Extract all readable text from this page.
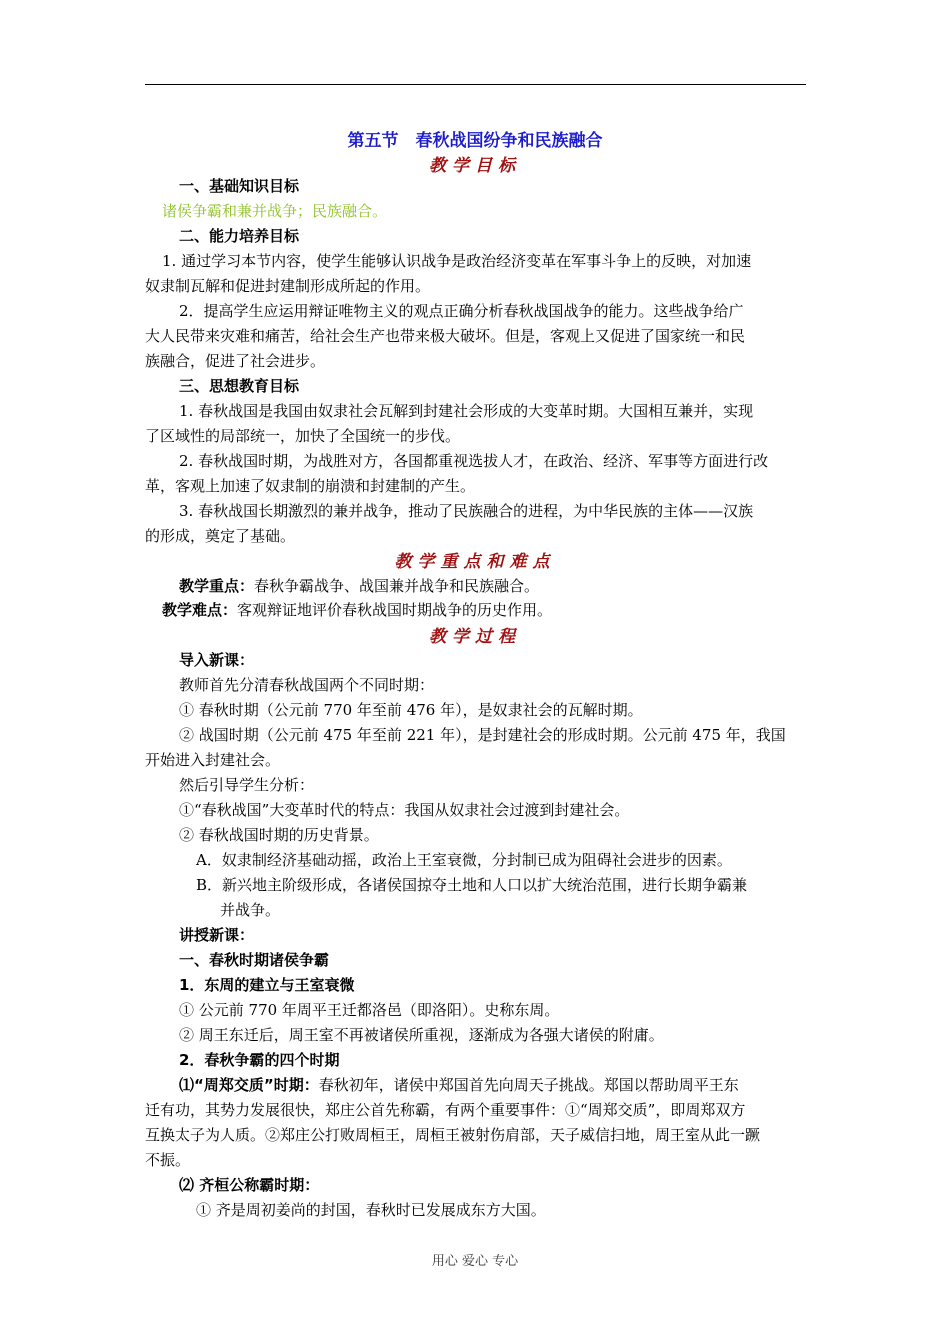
第五节　春秋战国纷争和民族融合
教学目标
一、基础知识目标
诸侯争霸和兼并战争；民族融合。
二、能力培养目标
1. 通过学习本节内容，使学生能够认识战争是政治经济变革在军事斗争上的反映，对加速
奴隶制瓦解和促进封建制形成所起的作用。
2．提高学生应运用辩证唯物主义的观点正确分析春秋战国战争的能力。这些战争给广
大人民带来灾难和痛苦，给社会生产也带来极大破坏。但是，客观上又促进了国家统一和民
族融合，促进了社会进步。
三、思想教育目标
1. 春秋战国是我国由奴隶社会瓦解到封建社会形成的大变革时期。大国相互兼并，实现
了区域性的局部统一，加快了全国统一的步伐。
2. 春秋战国时期，为战胜对方，各国都重视选拔人才，在政治、经济、军事等方面进行改
革，客观上加速了奴隶制的崩溃和封建制的产生。
3. 春秋战国长期激烈的兼并战争，推动了民族融合的进程，为中华民族的主体——汉族
的形成，奠定了基础。
教学重点和难点
教学重点：春秋争霸战争、战国兼并战争和民族融合。
教学难点：客观辩证地评价春秋战国时期战争的历史作用。
教学过程
导入新课：
教师首先分清春秋战国两个不同时期：
① 春秋时期（公元前 770 年至前 476 年），是奴隶社会的瓦解时期。
② 战国时期（公元前 475 年至前 221 年），是封建社会的形成时期。公元前 475 年，我国
开始进入封建社会。
然后引导学生分析：
①“春秋战国”大变革时代的特点：我国从奴隶社会过渡到封建社会。
② 春秋战国时期的历史背景。
A．奴隶制经济基础动摇，政治上王室衰微，分封制已成为阻碍社会进步的因素。
B．新兴地主阶级形成，各诸侯国掠夺土地和人口以扩大统治范围，进行长期争霸兼
并战争。
讲授新课：
一、春秋时期诸侯争霸
1．东周的建立与王室衰微
① 公元前 770 年周平王迁都洛邑（即洛阳）。史称东周。
② 周王东迁后，周王室不再被诸侯所重视，逐渐成为各强大诸侯的附庸。
2．春秋争霸的四个时期
⑴“周郑交质”时期：春秋初年，诸侯中郑国首先向周天子挑战。郑国以帮助周平王东
迁有功，其势力发展很快，郑庄公首先称霸，有两个重要事件：①“周郑交质”，即周郑双方
互换太子为人质。②郑庄公打败周桓王，周桓王被射伤肩部，天子威信扫地，周王室从此一蹶
不振。
⑵ 齐桓公称霸时期：
① 齐是周初姜尚的封国，春秋时已发展成东方大国。
用心 爱心 专心
